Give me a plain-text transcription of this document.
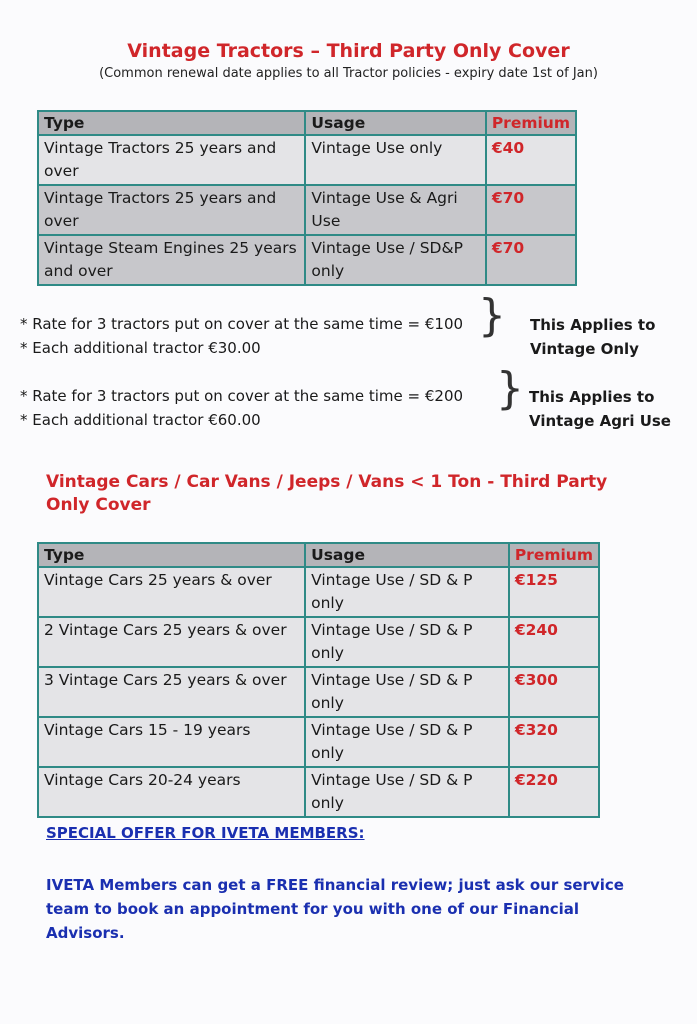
Vintage Tractors – Third Party Only Cover
(Common renewal date applies to all Tractor policies - expiry date 1st of Jan)
Type	Usage	Premium
Vintage Tractors 25 years and over	Vintage Use only	€40
Vintage Tractors 25 years and over	Vintage Use & Agri Use	€70
Vintage Steam Engines 25 years and over	Vintage Use / SD&P only	€70
* Rate for 3 tractors put on cover at the same time = €100
* Each additional tractor €30.00
} This Applies to
Vintage Only
* Rate for 3 tractors put on cover at the same time = €200
* Each additional tractor €60.00
} This Applies to
Vintage Agri Use
Vintage Cars / Car Vans / Jeeps / Vans < 1 Ton - Third Party Only Cover
Type	Usage	Premium
Vintage Cars 25 years & over	Vintage Use / SD & P only	€125
2 Vintage Cars 25 years & over	Vintage Use / SD & P only	€240
3 Vintage Cars 25 years & over	Vintage Use / SD & P only	€300
Vintage Cars 15 - 19 years	Vintage Use / SD & P only	€320
Vintage Cars 20-24 years	Vintage Use / SD & P only	€220
SPECIAL OFFER FOR IVETA MEMBERS:
IVETA Members can get a FREE financial review; just ask our service team to book an appointment for you with one of our Financial Advisors.
